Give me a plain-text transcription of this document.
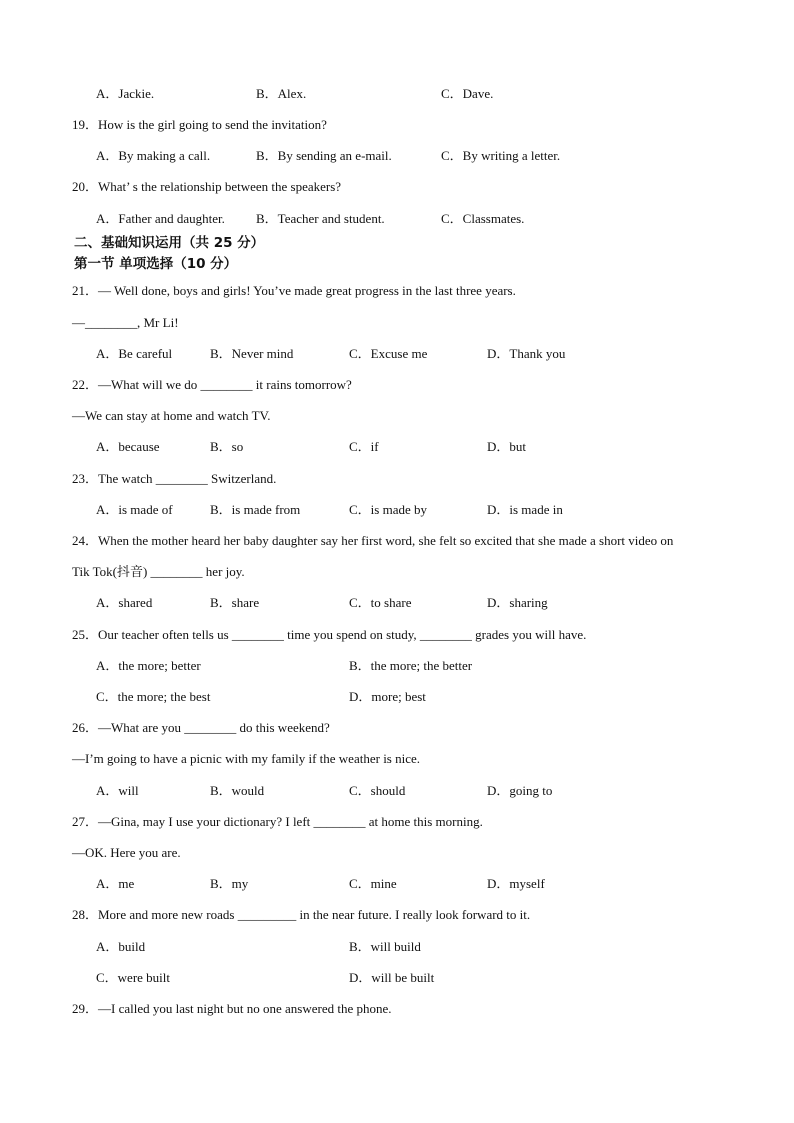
A．Jackie.	B．Alex.	C．Dave.
19．How is the girl going to send the invitation?
A．By making a call.	B．By sending an e-mail.	C．By writing a letter.
20．What’ s the relationship between the speakers?
A．Father and daughter. B．Teacher and student.	C．Classmates.
二、基础知识运用（共 25 分）
第一节 单项选择（10 分）
21．— Well done, boys and girls! You’ve made great progress in the last three years.
—________, Mr Li!
A．Be careful	B．Never mind	C．Excuse me	D．Thank you
22．—What will we do ________ it rains tomorrow?
—We can stay at home and watch TV.
A．because	B．so	C．if	D．but
23．The watch ________ Switzerland.
A．is made of	B．is made from	C．is made by	D．is made in
24．When the mother heard her baby daughter say her first word, she felt so excited that she made a short video on
Tik Tok(抖音) ________ her joy.
A．shared	B．share	C．to share	D．sharing
25．Our teacher often tells us ________ time you spend on study, ________ grades you will have.
A．the more; better	B．the more; the better
C．the more; the best	D．more; best
26．—What are you ________ do this weekend?
—I’m going to have a picnic with my family if the weather is nice.
A．will	B．would	C．should	D．going to
27．—Gina, may I use your dictionary? I left ________ at home this morning.
—OK. Here you are.
A．me	B．my	C．mine	D．myself
28．More and more new roads _________ in the near future. I really look forward to it.
A．build	B．will build
C．were built	D．will be built
29．—I called you last night but no one answered the phone.
